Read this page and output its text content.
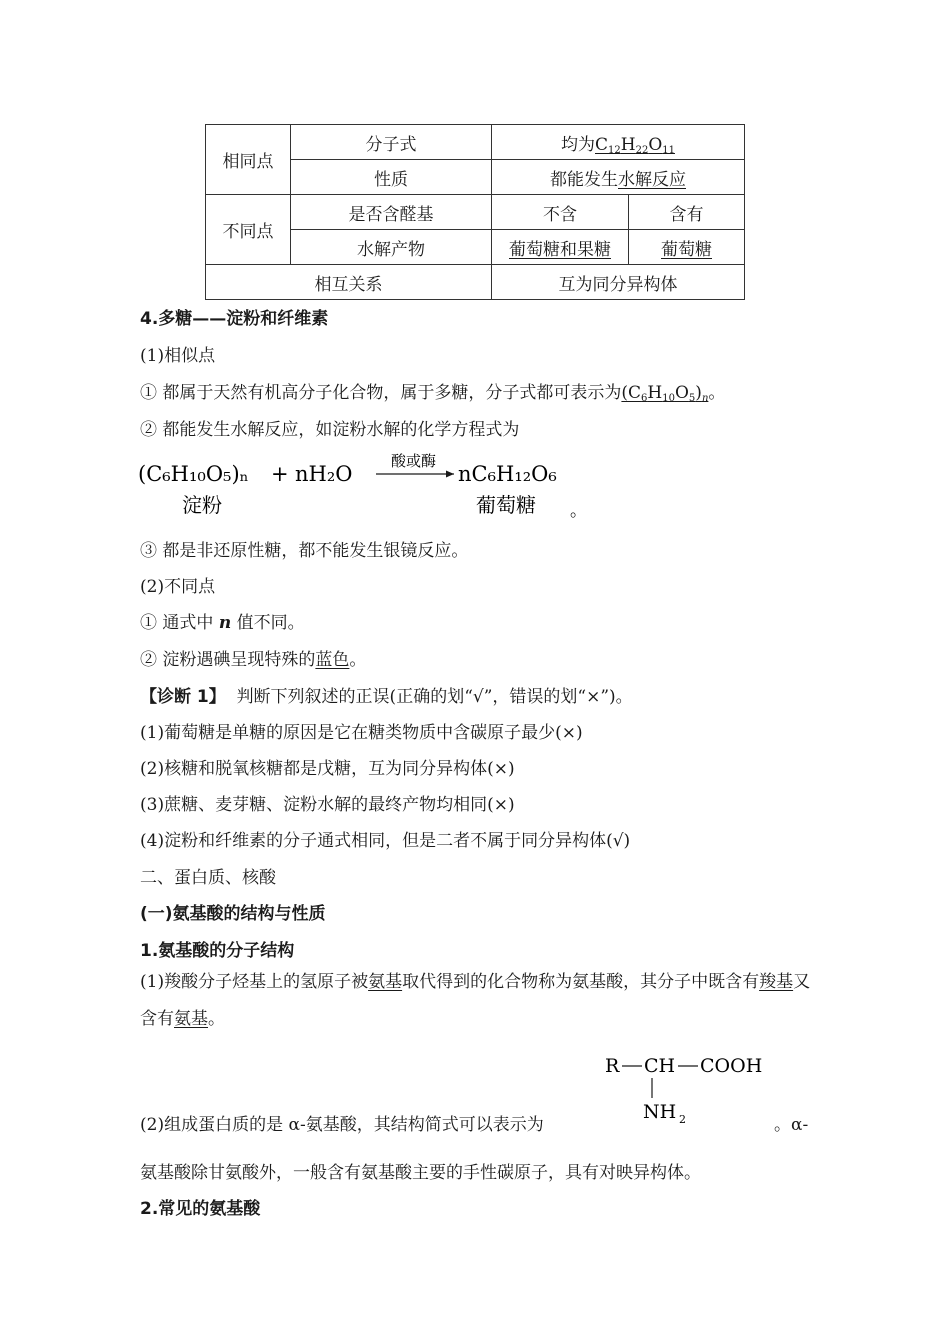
相同点	分子式	均为$C_{12}H_{22}O_{11}$
	性质	都能发生水解反应	
不同点	是否含醛基	不含	含有
	水解产物	葡萄糖和果糖	葡萄糖
相互关系		互为同分异构体	
4.多糖——淀粉和纤维素
(1)相似点
① 都属于天然有机高分子化合物，属于多糖，分子式都可表示为$(C_6H_{10}O_5)_n$。
② 都能发生水解反应，如淀粉水解的化学方程式为
(C₆H₁₀O₅)ₙ + nH₂O
酸或酶
nC₆H₁₂O₆
淀粉	葡萄糖 。
③ 都是非还原性糖，都不能发生银镜反应。
(2)不同点
① 通式中 n 值不同。
② 淀粉遇碘呈现特殊的蓝色。
【诊断 1】 判断下列叙述的正误(正确的划“√”，错误的划“×”)。
(1)葡萄糖是单糖的原因是它在糖类物质中含碳原子最少(×)
(2)核糖和脱氧核糖都是戊糖，互为同分异构体(×)
(3)蔗糖、麦芽糖、淀粉水解的最终产物均相同(×)
(4)淀粉和纤维素的分子通式相同，但是二者不属于同分异构体(√)
二、蛋白质、核酸
(一)氨基酸的结构与性质
1.氨基酸的分子结构
(1)羧酸分子烃基上的氢原子被氨基取代得到的化合物称为氨基酸，其分子中既含有羧基又含有氨基。
R CH COOH
NH 2
(2)组成蛋白质的是 α-氨基酸，其结构简式可以表示为	。α-
氨基酸除甘氨酸外，一般含有氨基酸主要的手性碳原子，具有对映异构体。
2.常见的氨基酸
